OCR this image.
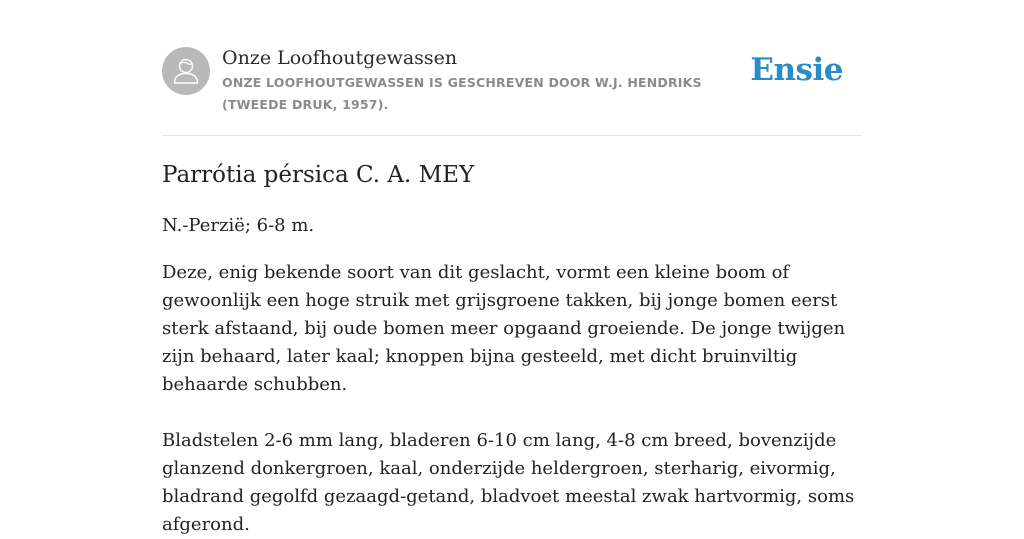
Onze Loofhoutgewassen
ONZE LOOFHOUTGEWASSEN IS GESCHREVEN DOOR W.J. HENDRIKS (TWEEDE DRUK, 1957).
Ensie
Parrótia pérsica C. A. MEY

N.-Perzië; 6-8 m.

Deze, enig bekende soort van dit geslacht, vormt een kleine boom of gewoonlijk een hoge struik met grijsgroene takken, bij jonge bomen eerst sterk afstaand, bij oude bomen meer opgaand groeiende. De jonge twijgen zijn behaard, later kaal; knoppen bijna gesteeld, met dicht bruinviltig behaarde schubben.

Bladstelen 2-6 mm lang, bladeren 6-10 cm lang, 4-8 cm breed, bovenzijde glanzend donkergroen, kaal, onderzijde heldergroen, sterharig, eivormig, bladrand gegolfd gezaagd-getand, bladvoet meestal zwak hartvormig, soms afgerond.
